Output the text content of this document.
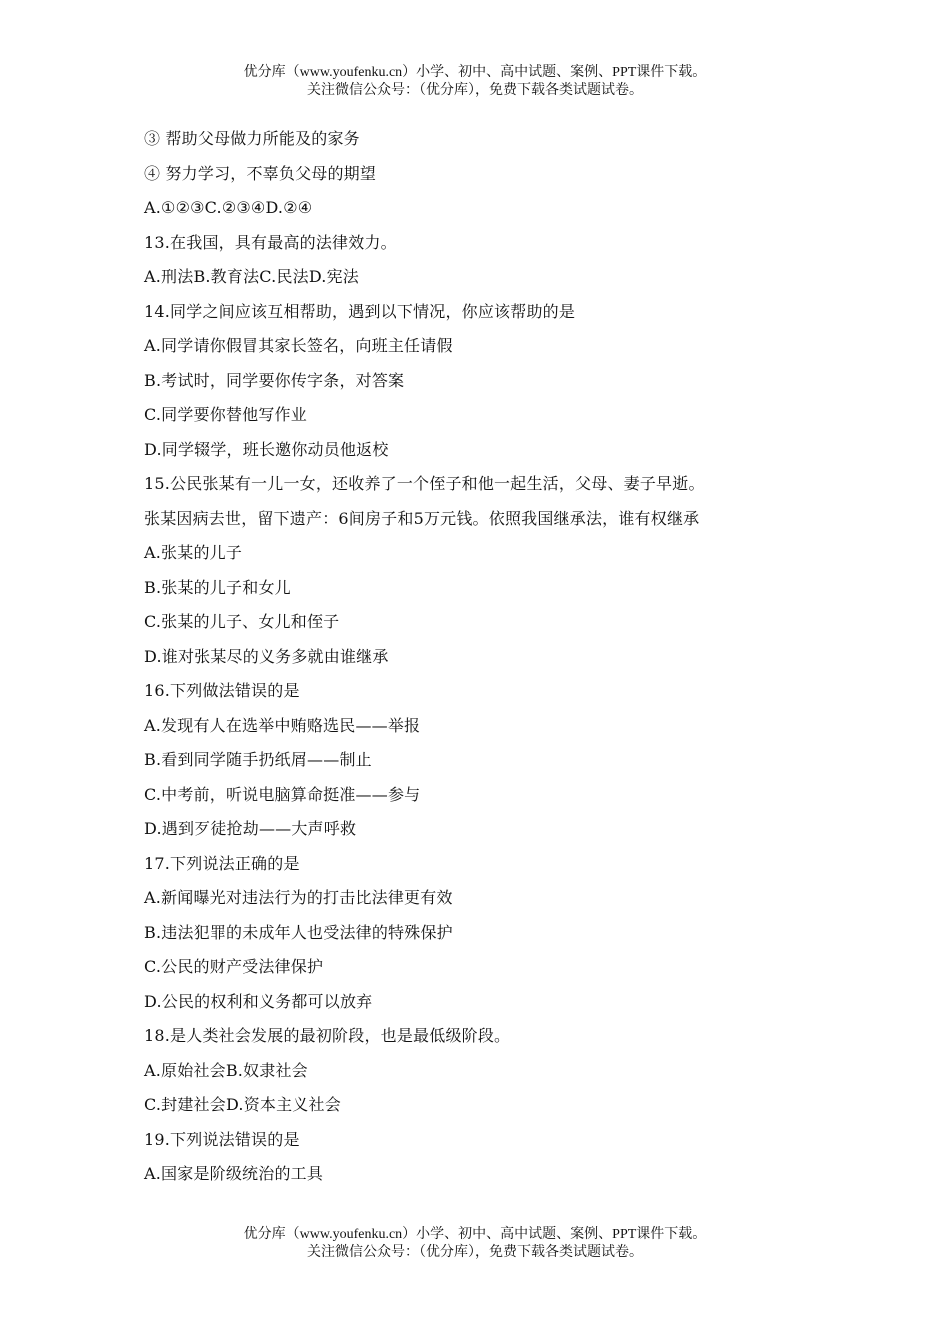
优分库（www.youfenku.cn）小学、初中、高中试题、案例、PPT课件下载。
关注微信公众号：（优分库），免费下载各类试题试卷。
③ 帮助父母做力所能及的家务
④ 努力学习，不辜负父母的期望
A.①②③C.②③④D.②④
13.在我国，具有最高的法律效力。
A.刑法B.教育法C.民法D.宪法
14.同学之间应该互相帮助，遇到以下情况，你应该帮助的是
A.同学请你假冒其家长签名，向班主任请假
B.考试时，同学要你传字条，对答案
C.同学要你替他写作业
D.同学辍学，班长邀你动员他返校
15.公民张某有一儿一女，还收养了一个侄子和他一起生活，父母、妻子早逝。
张某因病去世，留下遗产：6间房子和5万元钱。依照我国继承法，谁有权继承
A.张某的儿子
B.张某的儿子和女儿
C.张某的儿子、女儿和侄子
D.谁对张某尽的义务多就由谁继承
16.下列做法错误的是
A.发现有人在选举中贿赂选民——举报
B.看到同学随手扔纸屑——制止
C.中考前，听说电脑算命挺准——参与
D.遇到歹徒抢劫——大声呼救
17.下列说法正确的是
A.新闻曝光对违法行为的打击比法律更有效
B.违法犯罪的未成年人也受法律的特殊保护
C.公民的财产受法律保护
D.公民的权利和义务都可以放弃
18.是人类社会发展的最初阶段，也是最低级阶段。
A.原始社会B.奴隶社会
C.封建社会D.资本主义社会
19.下列说法错误的是
A.国家是阶级统治的工具
优分库（www.youfenku.cn）小学、初中、高中试题、案例、PPT课件下载。
关注微信公众号：（优分库），免费下载各类试题试卷。
